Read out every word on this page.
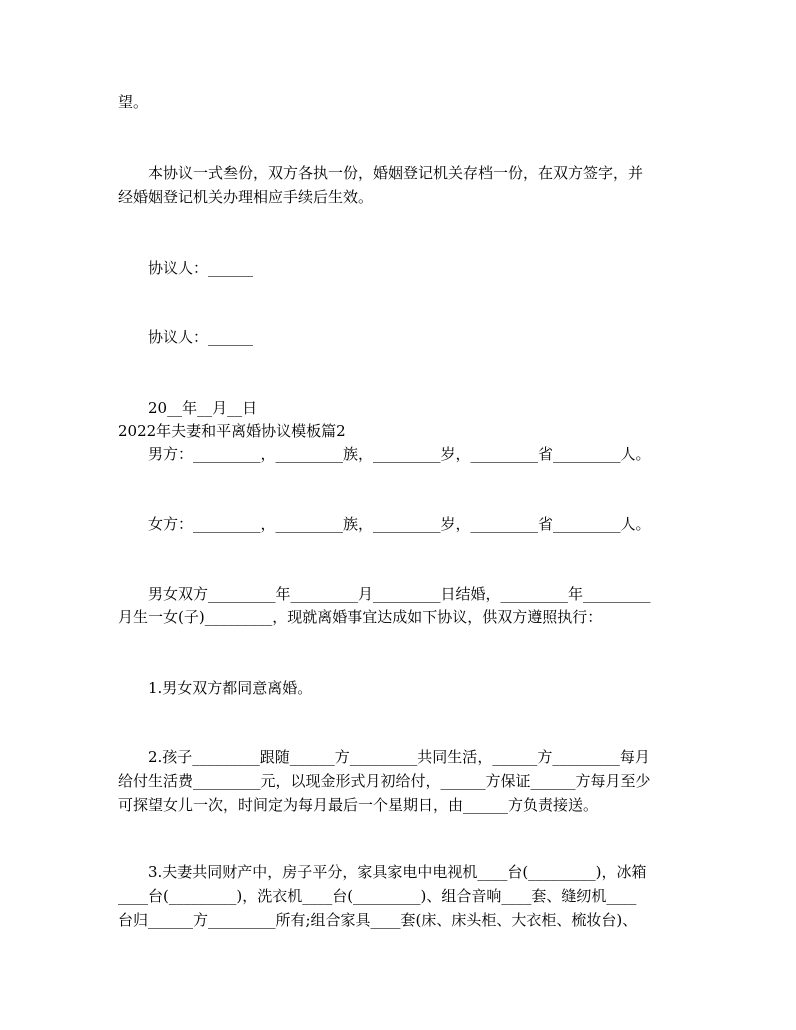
望。
本协议一式叁份，双方各执一份，婚姻登记机关存档一份，在双方签字，并
经婚姻登记机关办理相应手续后生效。
协议人：______
协议人：______
20__年__月__日
2022年夫妻和平离婚协议模板篇2
男方：_________，_________族，_________岁，_________省_________人。
女方：_________，_________族，_________岁，_________省_________人。
男女双方_________年_________月_________日结婚，_________年_________
月生一女(子)_________，现就离婚事宜达成如下协议，供双方遵照执行：
1.男女双方都同意离婚。
2.孩子_________跟随______方_________共同生活，______方_________每月
给付生活费_________元，以现金形式月初给付，______方保证______方每月至少
可探望女儿一次，时间定为每月最后一个星期日，由______方负责接送。
3.夫妻共同财产中，房子平分，家具家电中电视机____台(_________)，冰箱
____台(_________)，洗衣机____台(_________)、组合音响____套、缝纫机____
台归______方_________所有;组合家具____套(床、床头柜、大衣柜、梳妆台)、
